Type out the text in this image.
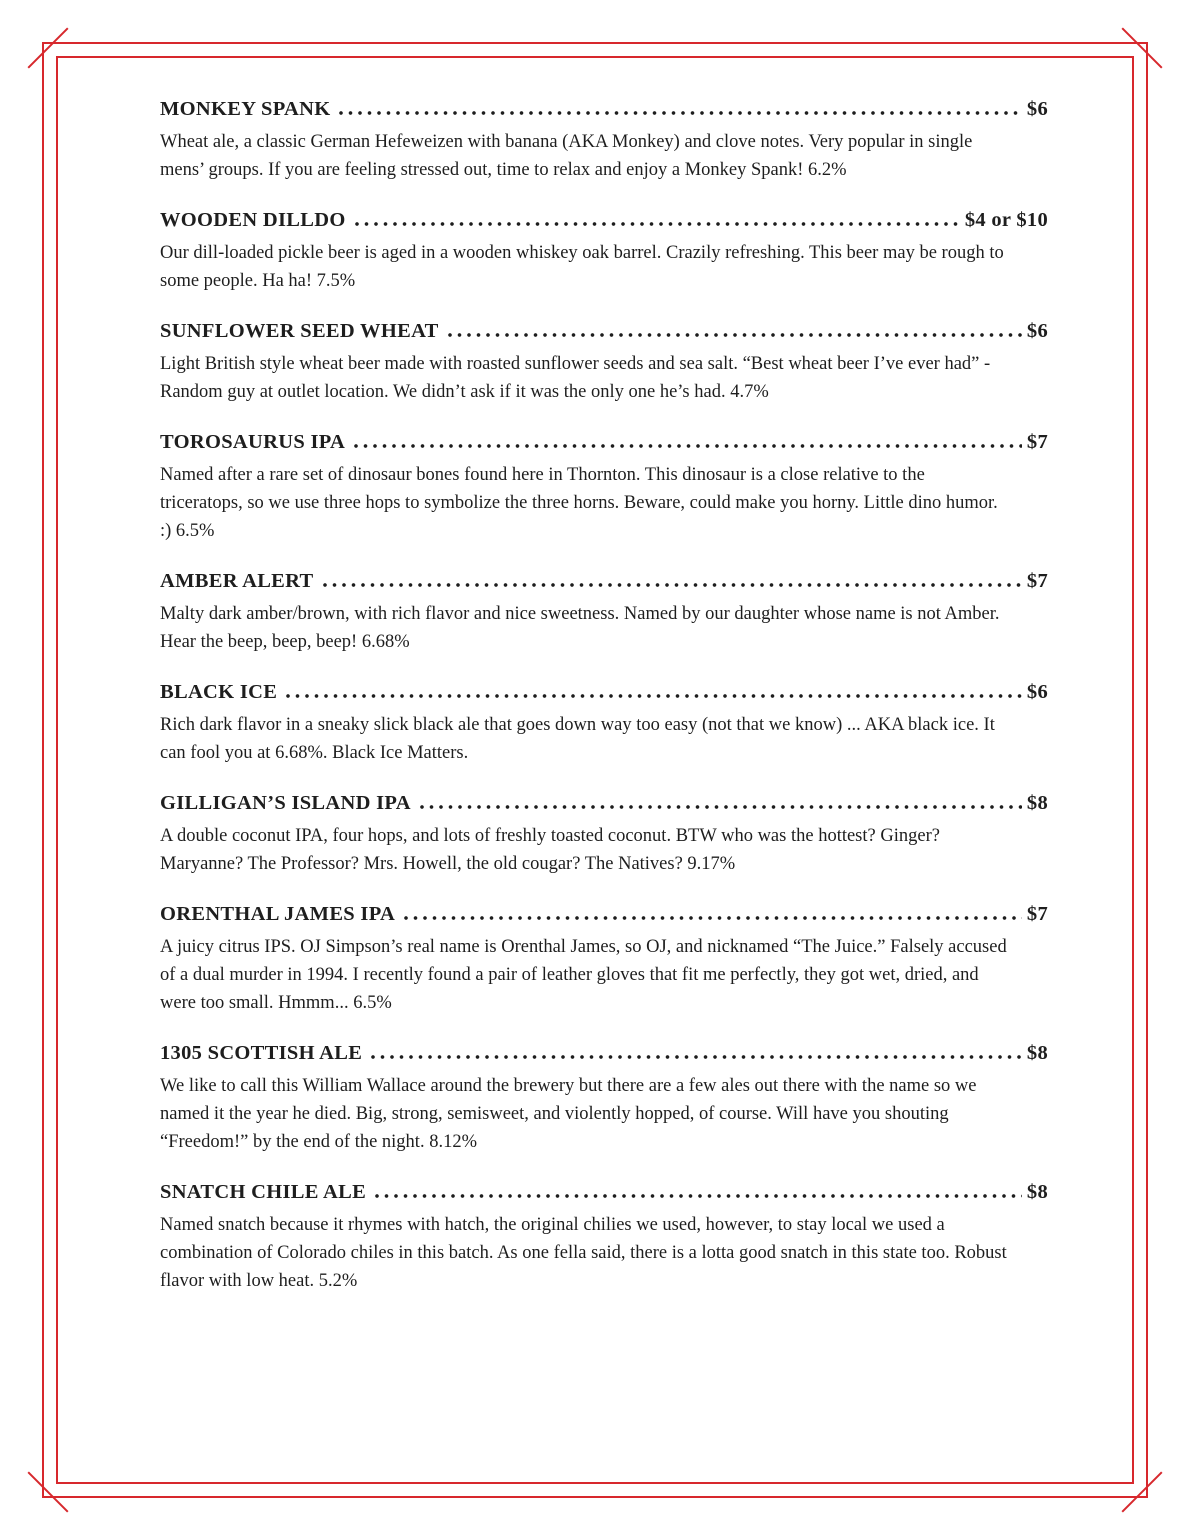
MONKEY SPANK	$6

Wheat ale, a classic German Hefeweizen with banana (AKA Monkey) and clove notes. Very popular in single mens’ groups. If you are feeling stressed out, time to relax and enjoy a Monkey Spank! 6.2%

WOODEN DILLDO	$4 or $10

Our dill-loaded pickle beer is aged in a wooden whiskey oak barrel. Crazily refreshing. This beer may be rough to some people. Ha ha! 7.5%

SUNFLOWER SEED WHEAT	$6

Light British style wheat beer made with roasted sunflower seeds and sea salt. “Best wheat beer I’ve ever had” -Random guy at outlet location. We didn’t ask if it was the only one he’s had. 4.7%

TOROSAURUS IPA	$7

Named after a rare set of dinosaur bones found here in Thornton. This dinosaur is a close relative to the triceratops, so we use three hops to symbolize the three horns. Beware, could make you horny. Little dino humor. :) 6.5%

AMBER ALERT	$7

Malty dark amber/brown, with rich flavor and nice sweetness. Named by our daughter whose name is not Amber. Hear the beep, beep, beep! 6.68%

BLACK ICE	$6

Rich dark flavor in a sneaky slick black ale that goes down way too easy (not that we know) ... AKA black ice. It can fool you at 6.68%. Black Ice Matters.

GILLIGAN’S ISLAND IPA	$8

A double coconut IPA, four hops, and lots of freshly toasted coconut. BTW who was the hottest? Ginger? Maryanne? The Professor? Mrs. Howell, the old cougar? The Natives? 9.17%

ORENTHAL JAMES IPA	$7

A juicy citrus IPS. OJ Simpson’s real name is Orenthal James, so OJ, and nicknamed “The Juice.” Falsely accused of a dual murder in 1994. I recently found a pair of leather gloves that fit me perfectly, they got wet, dried, and were too small. Hmmm... 6.5%

1305 SCOTTISH ALE	$8

We like to call this William Wallace around the brewery but there are a few ales out there with the name so we named it the year he died. Big, strong, semisweet, and violently hopped, of course. Will have you shouting “Freedom!” by the end of the night. 8.12%

SNATCH CHILE ALE	$8

Named snatch because it rhymes with hatch, the original chilies we used, however, to stay local we used a combination of Colorado chiles in this batch. As one fella said, there is a lotta good snatch in this state too. Robust flavor with low heat. 5.2%
